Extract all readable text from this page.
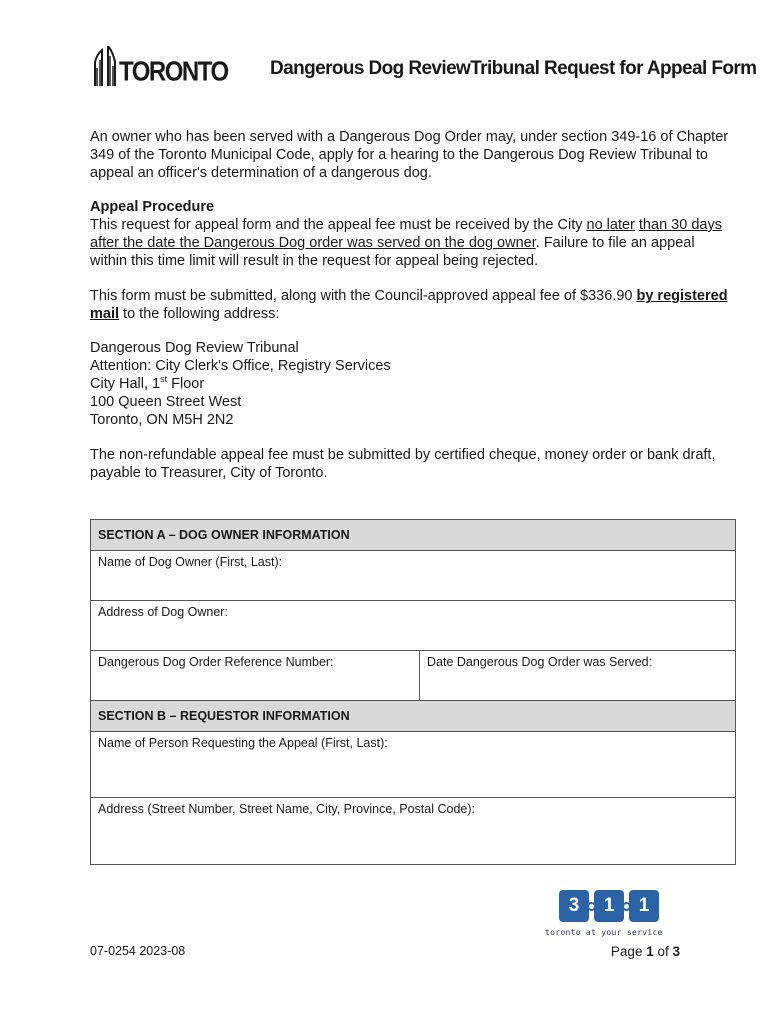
TORONTO Dangerous Dog ReviewTribunal Request for Appeal Form
An owner who has been served with a Dangerous Dog Order may, under section 349-16 of Chapter 349 of the Toronto Municipal Code, apply for a hearing to the Dangerous Dog Review Tribunal to appeal an officer's determination of a dangerous dog.
Appeal Procedure
This request for appeal form and the appeal fee must be received by the City no later than 30 days after the date the Dangerous Dog order was served on the dog owner. Failure to file an appeal within this time limit will result in the request for appeal being rejected.
This form must be submitted, along with the Council-approved appeal fee of $336.90 by registered mail to the following address:
Dangerous Dog Review Tribunal
Attention: City Clerk's Office, Registry Services
City Hall, 1st Floor
100 Queen Street West
Toronto, ON M5H 2N2
The non-refundable appeal fee must be submitted by certified cheque, money order or bank draft, payable to Treasurer, City of Toronto.
SECTION A – DOG OWNER INFORMATION
Name of Dog Owner (First, Last):
Address of Dog Owner:
Dangerous Dog Order Reference Number:	Date Dangerous Dog Order was Served:
SECTION B – REQUESTOR INFORMATION
Name of Person Requesting the Appeal (First, Last):
Address (Street Number, Street Name, City, Province, Postal Code):
3	1	1
toronto at your service
07-0254 2023-08	Page 1 of 3
